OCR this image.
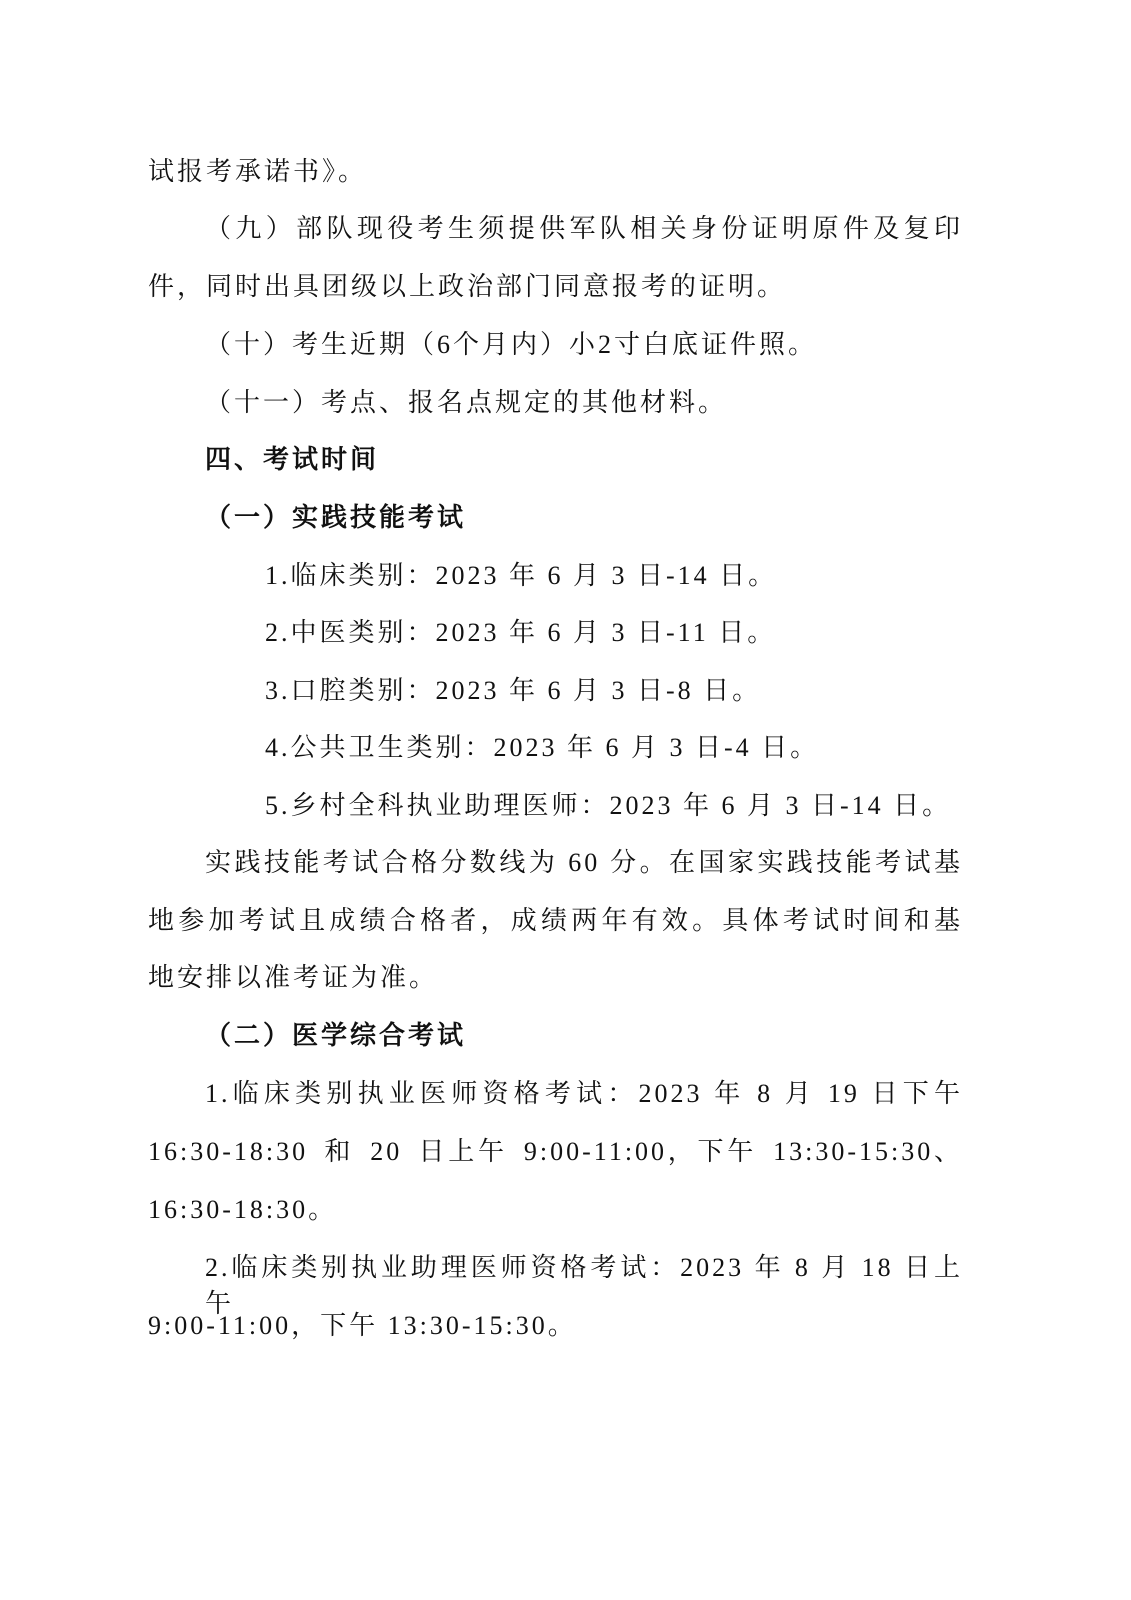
试报考承诺书》。
（九）部队现役考生须提供军队相关身份证明原件及复印
件，同时出具团级以上政治部门同意报考的证明。
（十）考生近期（6个月内）小2寸白底证件照。
（十一）考点、报名点规定的其他材料。
四、考试时间
（一）实践技能考试
1.临床类别：2023 年 6 月 3 日-14 日。
2.中医类别：2023 年 6 月 3 日-11 日。
3.口腔类别：2023 年 6 月 3 日-8 日。
4.公共卫生类别：2023 年 6 月 3 日-4 日。
5.乡村全科执业助理医师：2023 年 6 月 3 日-14 日。
实践技能考试合格分数线为 60 分。在国家实践技能考试基
地参加考试且成绩合格者，成绩两年有效。具体考试时间和基
地安排以准考证为准。
（二）医学综合考试
1.临床类别执业医师资格考试：2023 年 8 月 19 日下午
16:30-18:30 和 20 日上午 9:00-11:00，下午 13:30-15:30、
16:30-18:30。
2.临床类别执业助理医师资格考试：2023 年 8 月 18 日上午
9:00-11:00，下午 13:30-15:30。
